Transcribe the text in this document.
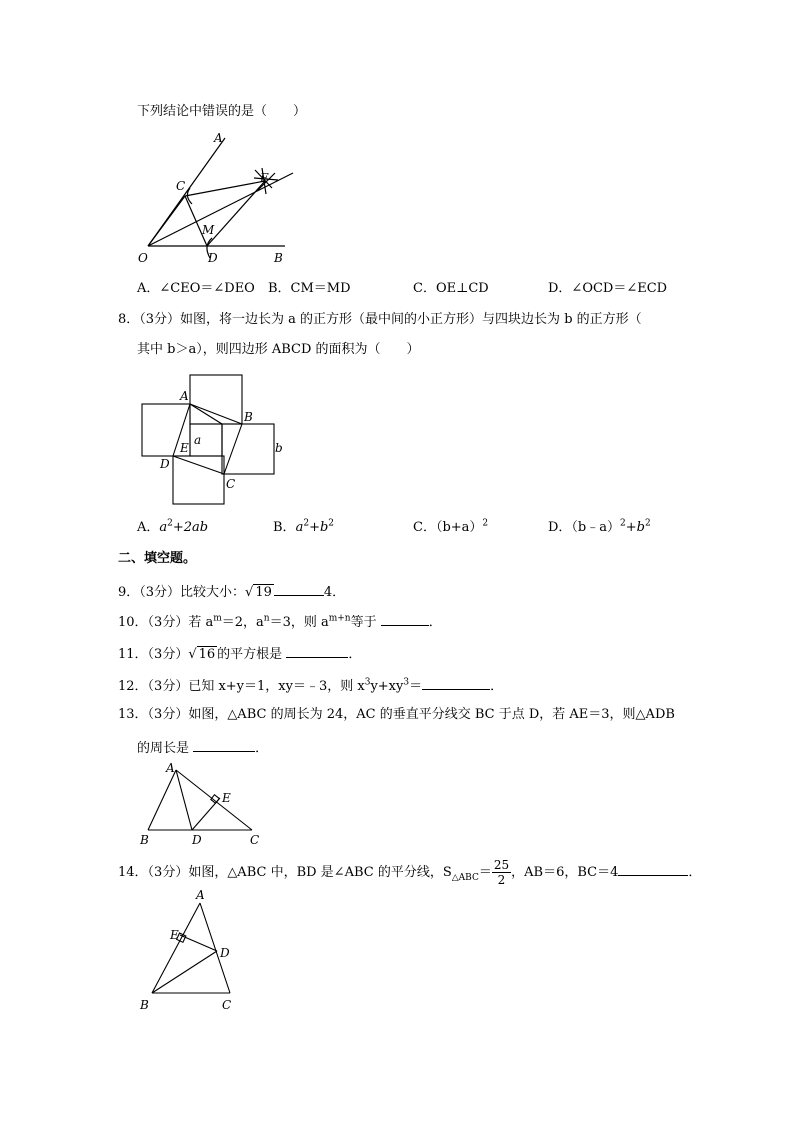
下列结论中错误的是（　　）
A
C
E
M
O	D	B
A．∠CEO＝∠DEO B．CM＝MD	C．OE⊥CD	D．∠OCD＝∠ECD
8．（3分）如图，将一边长为 a 的正方形（最中间的小正方形）与四块边长为 b 的正方形（
其中 b＞a），则四边形 ABCD 的面积为（　　）
A
B
E
a
b
D
C
A．$a^2+2ab$	B．$a^2+b^2$	C．$(b+a)^2$	D．$(b﹣a)^2+b^2$
二、填空题。
9．（3分）比较大小：√ 19	4．
10．（3分）若 $a^m=2$，$a^n=3$，则 $a^{m+n}$等于	．
11．（3分）√ 16 的平方根是	．
12．（3分）已知 x+y＝1，xy＝﹣3，则 $x^3y+xy^3=$	．
13．（3分）如图，△ABC 的周长为 24，AC 的垂直平分线交 BC 于点 D，若 AE＝3，则△ADB
的周长是	．
A
E
B	D	C
14．（3分）如图，△ABC 中，BD 是∠ABC 的平分线，$S_{\triangle ABC}= \frac{25}{2}$ ，AB＝6，BC＝4	．
A
E
D
B	C
